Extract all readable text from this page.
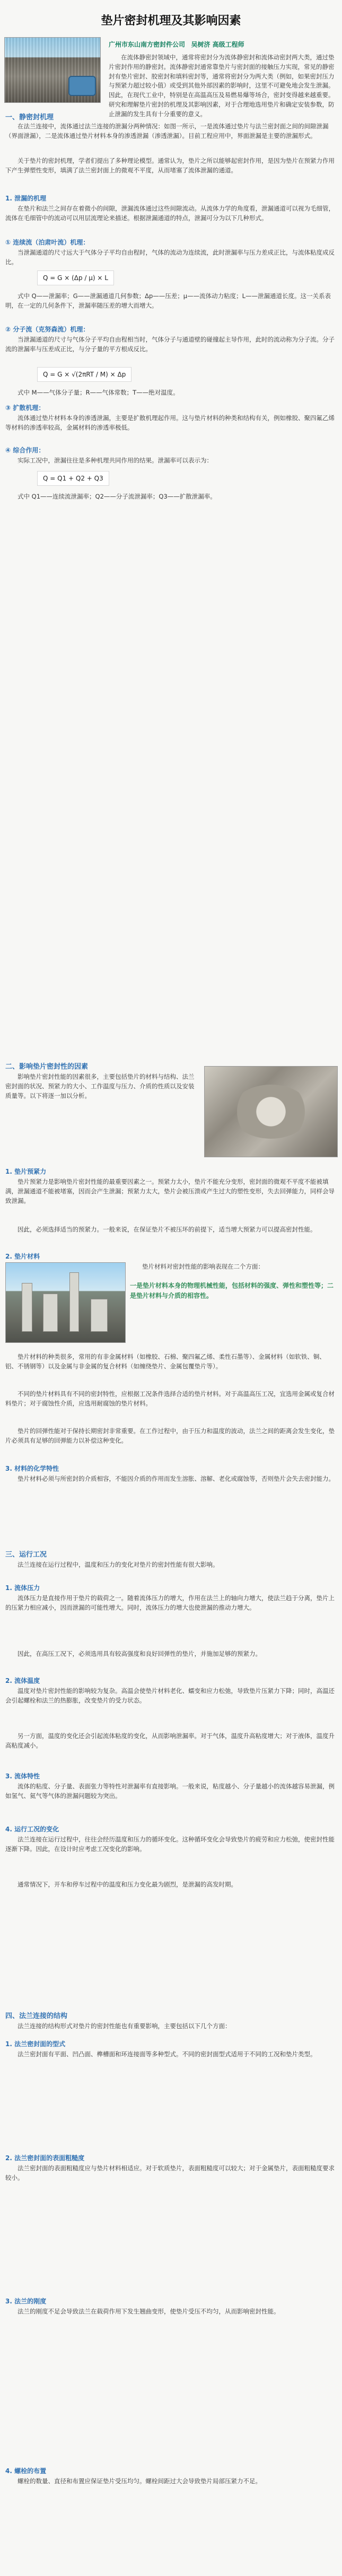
垫片密封机理及其影响因素
广州市东山南方密封件公司 吴树济 高级工程师
在流体静密封领域中，通常将密封分为流体静密封和流体动密封两大类，通过垫片密封作用的静密封。流体静密封通常靠垫片与密封面的接触压力实现，常见的静密封有垫片密封、胶密封和填料密封等，通常将密封分为两大类（例如，如果密封压力与预紧力超过较小值）或受到其他外部因素的影响时，这里不可避免地会发生泄漏。因此，在现代工业中，特别是在高温高压及易燃易爆等场合，密封变得越来越重要。研究和理解垫片密封的机理及其影响因素，对于合理地选用垫片和确定安装参数，防止泄漏的发生具有十分重要的意义。
一、静密封机理
在法兰连接中，流体通过法兰连接的泄漏分两种情况：如图一所示，一是流体通过垫片与法兰密封面之间的间隙泄漏（界面泄漏），二是流体通过垫片材料本身的渗透泄漏（渗透泄漏）。目前工程应用中，界面泄漏是主要的泄漏形式。
关于垫片的密封机理，学者们提出了多种理论模型。通常认为，垫片之所以能够起密封作用，是因为垫片在预紧力作用下产生弹塑性变形，填满了法兰密封面上的微观不平度，从而堵塞了流体泄漏的通道。
1. 泄漏的机理
在垫片和法兰之间存在着微小的间隙，泄漏流体通过这些间隙流动。从流体力学的角度看，泄漏通道可以视为毛细管，流体在毛细管中的流动可以用层流理论来描述。根据泄漏通道的特点，泄漏可分为以下几种形式。
① 连续流（泊肃叶流）机理：
当泄漏通道的尺寸远大于气体分子平均自由程时，气体的流动为连续流，此时泄漏率与压力差成正比，与流体粘度成反比。
Q = G × (Δp / μ) × L
式中 Q——泄漏率；G——泄漏通道几何参数；Δp——压差；μ——流体动力粘度；L——泄漏通道长度。这一关系表明，在一定的几何条件下，泄漏率随压差的增大而增大。
② 分子流（克努森流）机理：
当泄漏通道的尺寸与气体分子平均自由程相当时，气体分子与通道壁的碰撞起主导作用，此时的流动称为分子流。分子流的泄漏率与压差成正比，与分子量的平方根成反比。
Q = G × √(2πRT / M) × Δp
式中 M——气体分子量；R——气体常数；T——绝对温度。
③ 扩散机理：
流体通过垫片材料本身的渗透泄漏，主要是扩散机理起作用。这与垫片材料的种类和结构有关，例如橡胶、聚四氟乙烯等材料的渗透率较高，金属材料的渗透率极低。
④ 综合作用：
实际工况中，泄漏往往是多种机理共同作用的结果。泄漏率可以表示为：
Q = Q1 + Q2 + Q3
式中 Q1——连续流泄漏率；Q2——分子流泄漏率；Q3——扩散泄漏率。
二、影响垫片密封性的因素
影响垫片密封性能的因素很多，主要包括垫片的材料与结构、法兰密封面的状况、预紧力的大小、工作温度与压力、介质的性质以及安装质量等。以下将逐一加以分析。
1. 垫片预紧力
垫片预紧力是影响垫片密封性能的最重要因素之一。预紧力太小，垫片不能充分变形，密封面的微观不平度不能被填满，泄漏通道不能被堵塞，因而会产生泄漏；预紧力太大，垫片会被压溃或产生过大的塑性变形，失去回弹能力，同样会导致泄漏。
因此，必须选择适当的预紧力。一般来说，在保证垫片不被压坏的前提下，适当增大预紧力可以提高密封性能。
2. 垫片材料
垫片材料对密封性能的影响表现在二个方面：
一是垫片材料本身的物理机械性能，包括材料的强度、弹性和塑性等；二是垫片材料与介质的相容性。
垫片材料的种类很多，常用的有非金属材料（如橡胶、石棉、聚四氟乙烯、柔性石墨等）、金属材料（如软铁、铜、铝、不锈钢等）以及金属与非金属的复合材料（如缠绕垫片、金属包覆垫片等）。
不同的垫片材料具有不同的密封特性，应根据工况条件选择合适的垫片材料。对于高温高压工况，宜选用金属或复合材料垫片；对于腐蚀性介质，应选用耐腐蚀的垫片材料。
垫片的回弹性能对于保持长期密封非常重要。在工作过程中，由于压力和温度的波动，法兰之间的距离会发生变化，垫片必须具有足够的回弹能力以补偿这种变化。
3. 材料的化学特性
垫片材料必须与所密封的介质相容，不能因介质的作用而发生溶胀、溶解、老化或腐蚀等，否则垫片会失去密封能力。
三、运行工况
法兰连接在运行过程中，温度和压力的变化对垫片的密封性能有很大影响。
1. 流体压力
流体压力是直接作用于垫片的载荷之一。随着流体压力的增大，作用在法兰上的轴向力增大，使法兰趋于分离，垫片上的压紧力相应减小，因而泄漏的可能性增大。同时，流体压力的增大也使泄漏的推动力增大。
因此，在高压工况下，必须选用具有较高强度和良好回弹性的垫片，并施加足够的预紧力。
2. 流体温度
温度对垫片密封性能的影响较为复杂。高温会使垫片材料老化、蠕变和应力松弛，导致垫片压紧力下降；同时，高温还会引起螺栓和法兰的热膨胀，改变垫片的受力状态。
另一方面，温度的变化还会引起流体粘度的变化，从而影响泄漏率。对于气体，温度升高粘度增大；对于液体，温度升高粘度减小。
3. 流体特性
流体的粘度、分子量、表面张力等特性对泄漏率有直接影响。一般来说，粘度越小、分子量越小的流体越容易泄漏，例如氢气、氦气等气体的泄漏问题较为突出。
4. 运行工况的变化
法兰连接在运行过程中，往往会经历温度和压力的循环变化。这种循环变化会导致垫片的疲劳和应力松弛，使密封性能逐渐下降。因此，在设计时应考虑工况变化的影响。
通常情况下，开车和停车过程中的温度和压力变化最为剧烈，是泄漏的高发时期。
四、法兰连接的结构
法兰连接的结构形式对垫片的密封性能也有重要影响，主要包括以下几个方面：
1. 法兰密封面的型式
法兰密封面有平面、凹凸面、榫槽面和环连接面等多种型式。不同的密封面型式适用于不同的工况和垫片类型。
2. 法兰密封面的表面粗糙度
法兰密封面的表面粗糙度应与垫片材料相适应。对于软质垫片，表面粗糙度可以较大；对于金属垫片，表面粗糙度要求较小。
3. 法兰的刚度
法兰的刚度不足会导致法兰在载荷作用下发生翘曲变形，使垫片受压不均匀，从而影响密封性能。
4. 螺栓的布置
螺栓的数量、直径和布置应保证垫片受压均匀。螺栓间距过大会导致垫片局部压紧力不足。
